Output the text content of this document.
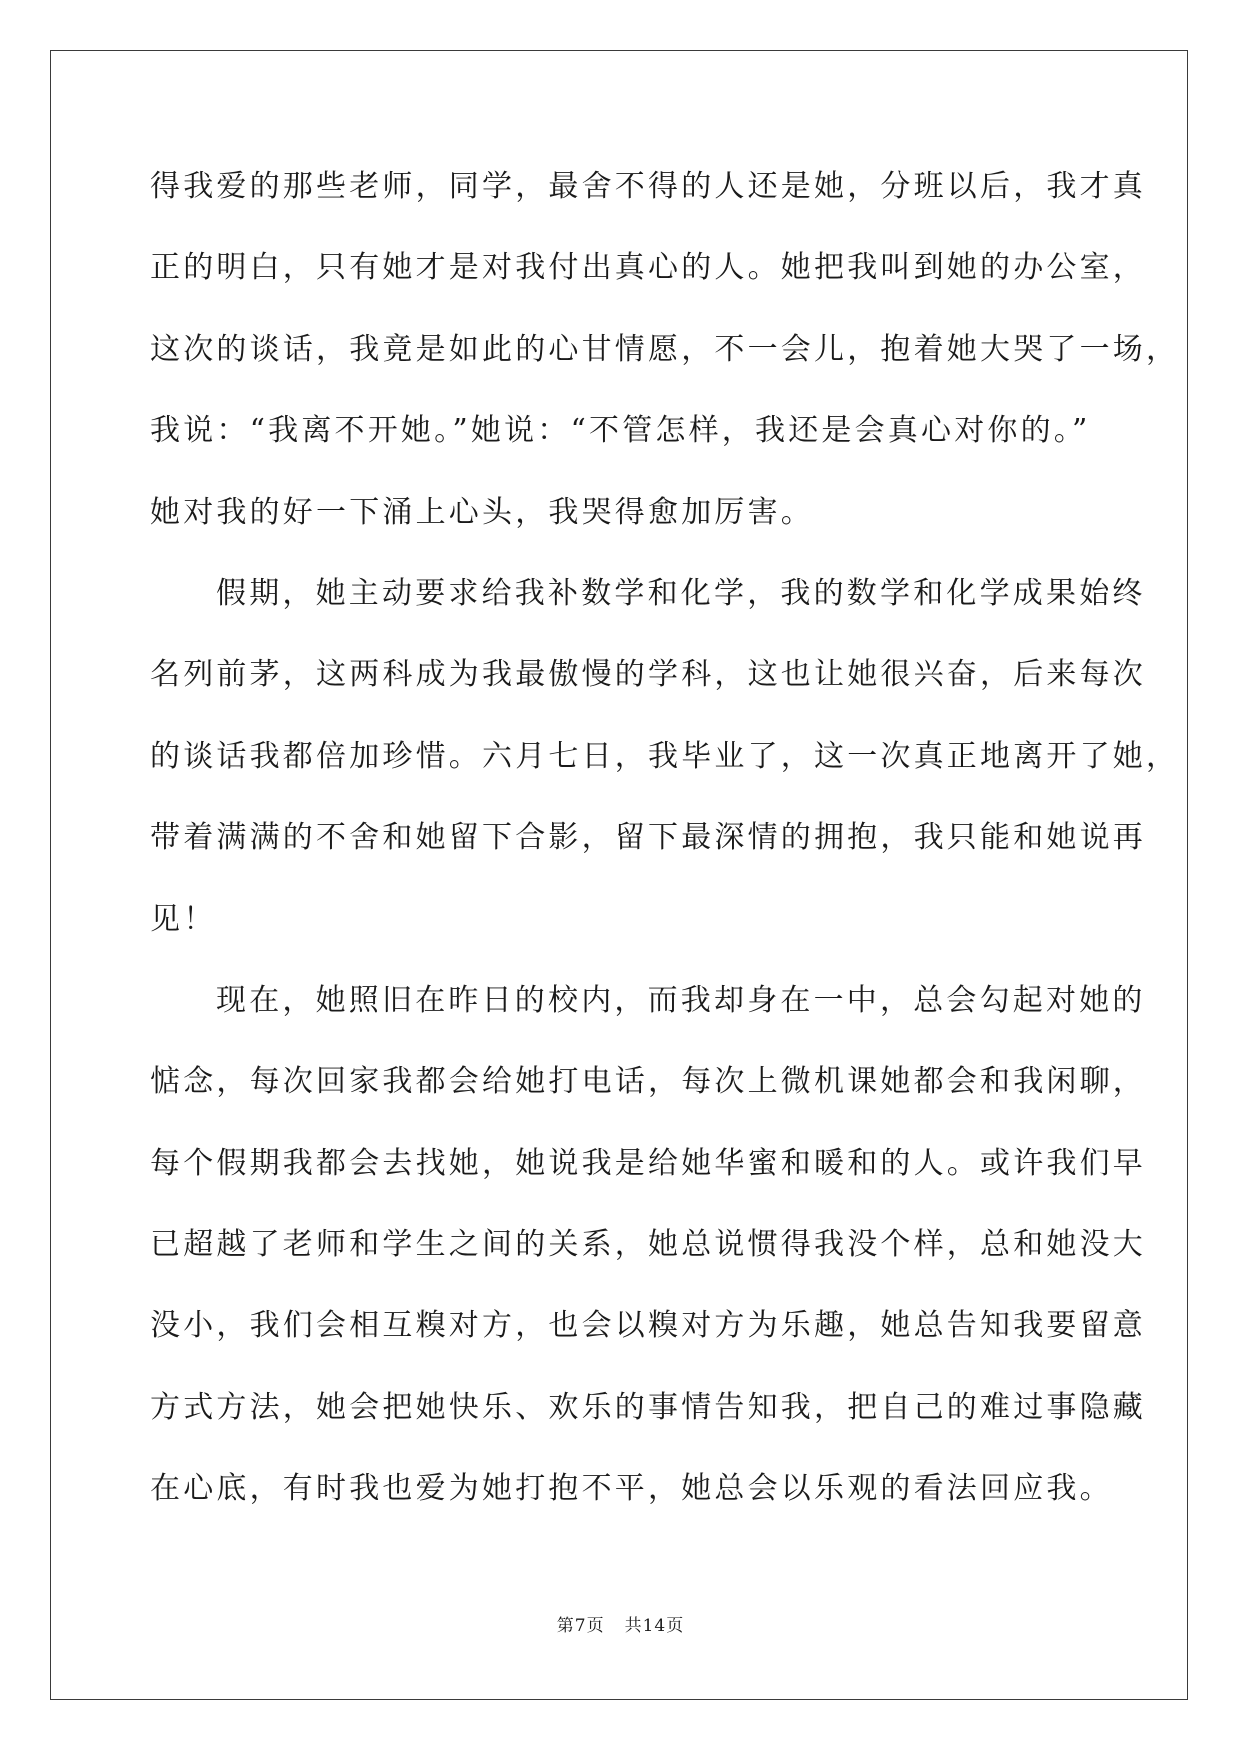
得我爱的那些老师，同学，最舍不得的人还是她，分班以后，我才真
正的明白，只有她才是对我付出真心的人。她把我叫到她的办公室，
这次的谈话，我竟是如此的心甘情愿，不一会儿，抱着她大哭了一场，
我说：“我离不开她。”她说：“不管怎样，我还是会真心对你的。”
她对我的好一下涌上心头，我哭得愈加厉害。
假期，她主动要求给我补数学和化学，我的数学和化学成果始终
名列前茅，这两科成为我最傲慢的学科，这也让她很兴奋，后来每次
的谈话我都倍加珍惜。六月七日，我毕业了，这一次真正地离开了她，
带着满满的不舍和她留下合影，留下最深情的拥抱，我只能和她说再
见！
现在，她照旧在昨日的校内，而我却身在一中，总会勾起对她的
惦念，每次回家我都会给她打电话，每次上微机课她都会和我闲聊，
每个假期我都会去找她，她说我是给她华蜜和暖和的人。或许我们早
已超越了老师和学生之间的关系，她总说惯得我没个样，总和她没大
没小，我们会相互糗对方，也会以糗对方为乐趣，她总告知我要留意
方式方法，她会把她快乐、欢乐的事情告知我，把自己的难过事隐藏
在心底，有时我也爱为她打抱不平，她总会以乐观的看法回应我。
第7页 共14页
